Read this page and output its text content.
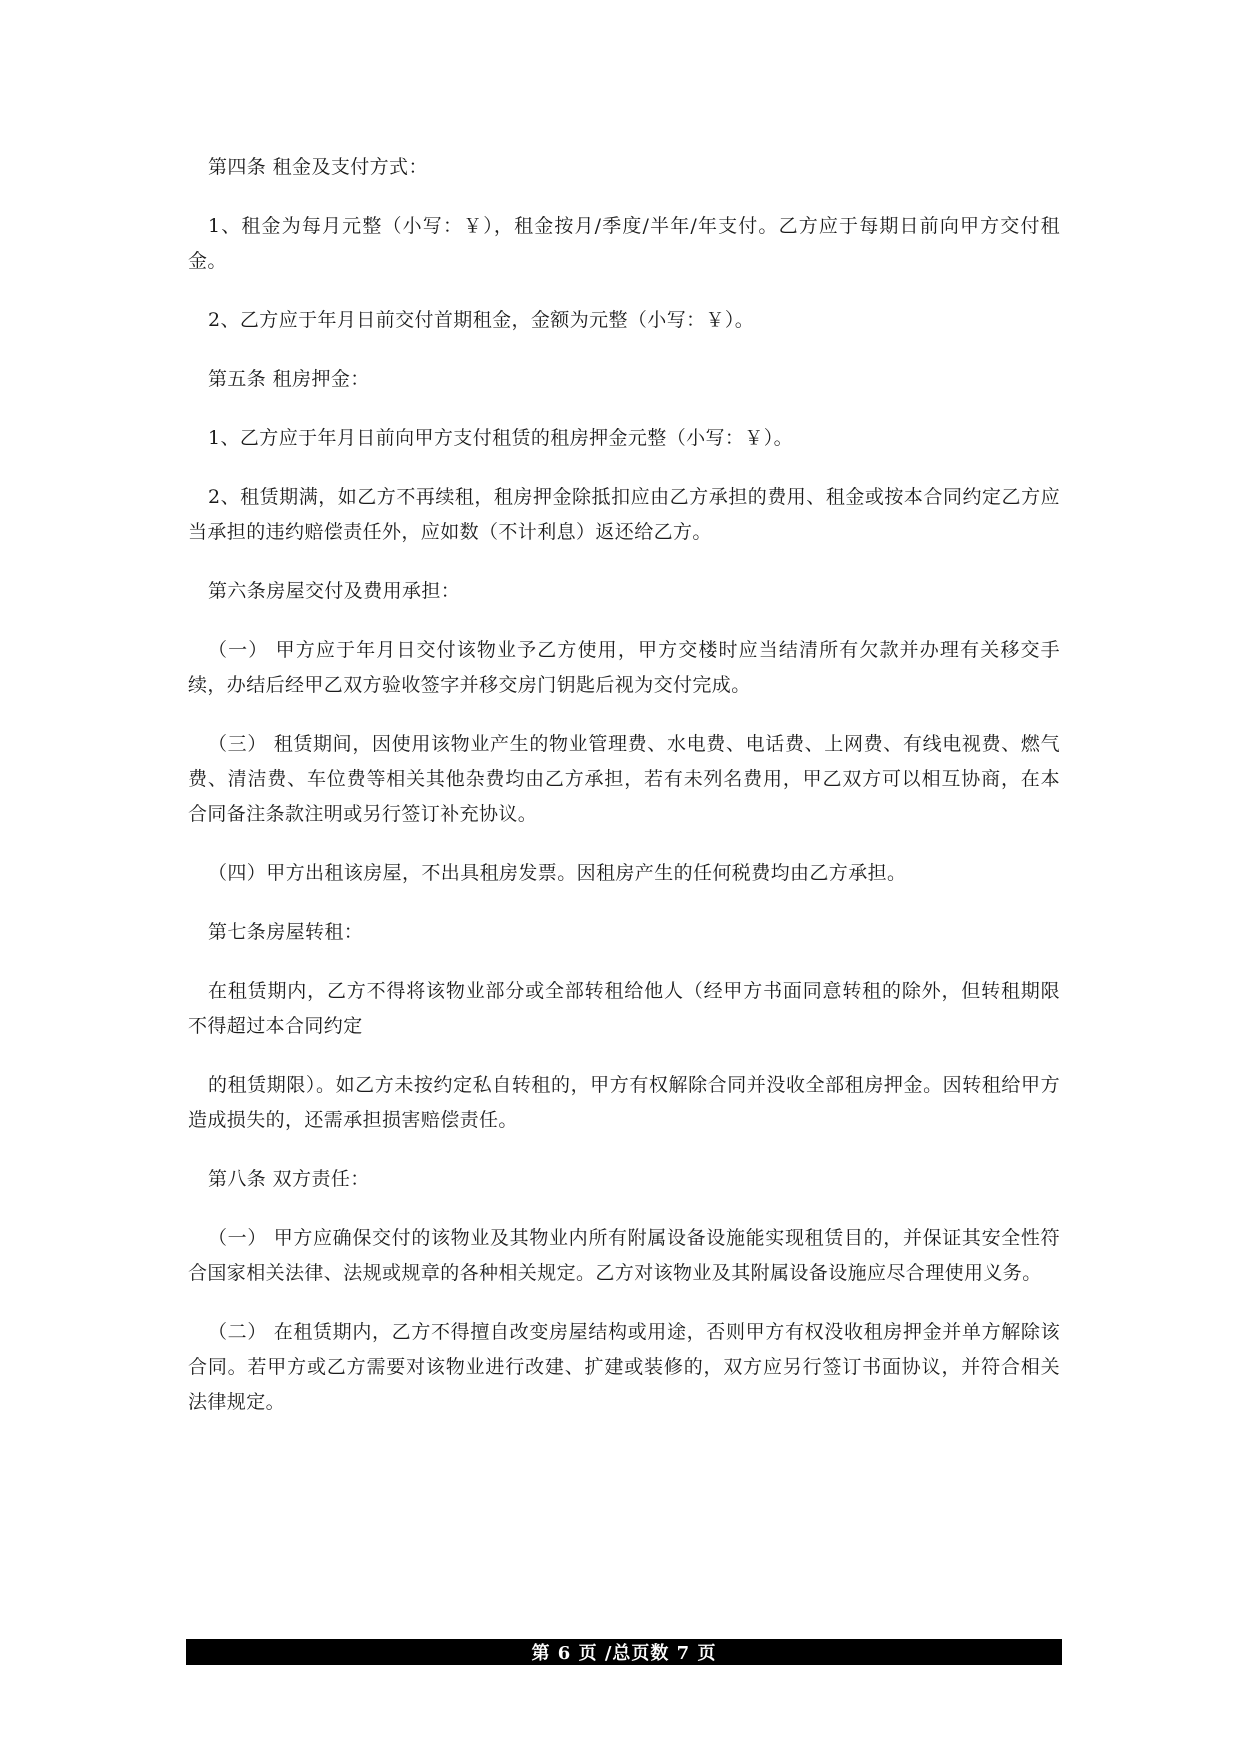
第四条 租金及支付方式：

1、租金为每月元整（小写：￥），租金按月/季度/半年/年支付。乙方应于每期日前向甲方交付租金。

2、乙方应于年月日前交付首期租金，金额为元整（小写：￥）。

第五条 租房押金：

1、乙方应于年月日前向甲方支付租赁的租房押金元整（小写：￥）。

2、租赁期满，如乙方不再续租，租房押金除抵扣应由乙方承担的费用、租金或按本合同约定乙方应当承担的违约赔偿责任外，应如数（不计利息）返还给乙方。

第六条房屋交付及费用承担：

（一） 甲方应于年月日交付该物业予乙方使用，甲方交楼时应当结清所有欠款并办理有关移交手续，办结后经甲乙双方验收签字并移交房门钥匙后视为交付完成。

（三） 租赁期间，因使用该物业产生的物业管理费、水电费、电话费、上网费、有线电视费、燃气费、清洁费、车位费等相关其他杂费均由乙方承担，若有未列名费用，甲乙双方可以相互协商，在本合同备注条款注明或另行签订补充协议。

（四）甲方出租该房屋，不出具租房发票。因租房产生的任何税费均由乙方承担。

第七条房屋转租：

在租赁期内，乙方不得将该物业部分或全部转租给他人（经甲方书面同意转租的除外，但转租期限不得超过本合同约定

的租赁期限）。如乙方未按约定私自转租的，甲方有权解除合同并没收全部租房押金。因转租给甲方造成损失的，还需承担损害赔偿责任。

第八条 双方责任：

（一） 甲方应确保交付的该物业及其物业内所有附属设备设施能实现租赁目的，并保证其安全性符合国家相关法律、法规或规章的各种相关规定。乙方对该物业及其附属设备设施应尽合理使用义务。

（二） 在租赁期内，乙方不得擅自改变房屋结构或用途，否则甲方有权没收租房押金并单方解除该合同。若甲方或乙方需要对该物业进行改建、扩建或装修的，双方应另行签订书面协议，并符合相关法律规定。

第 6 页 /总页数 7 页
